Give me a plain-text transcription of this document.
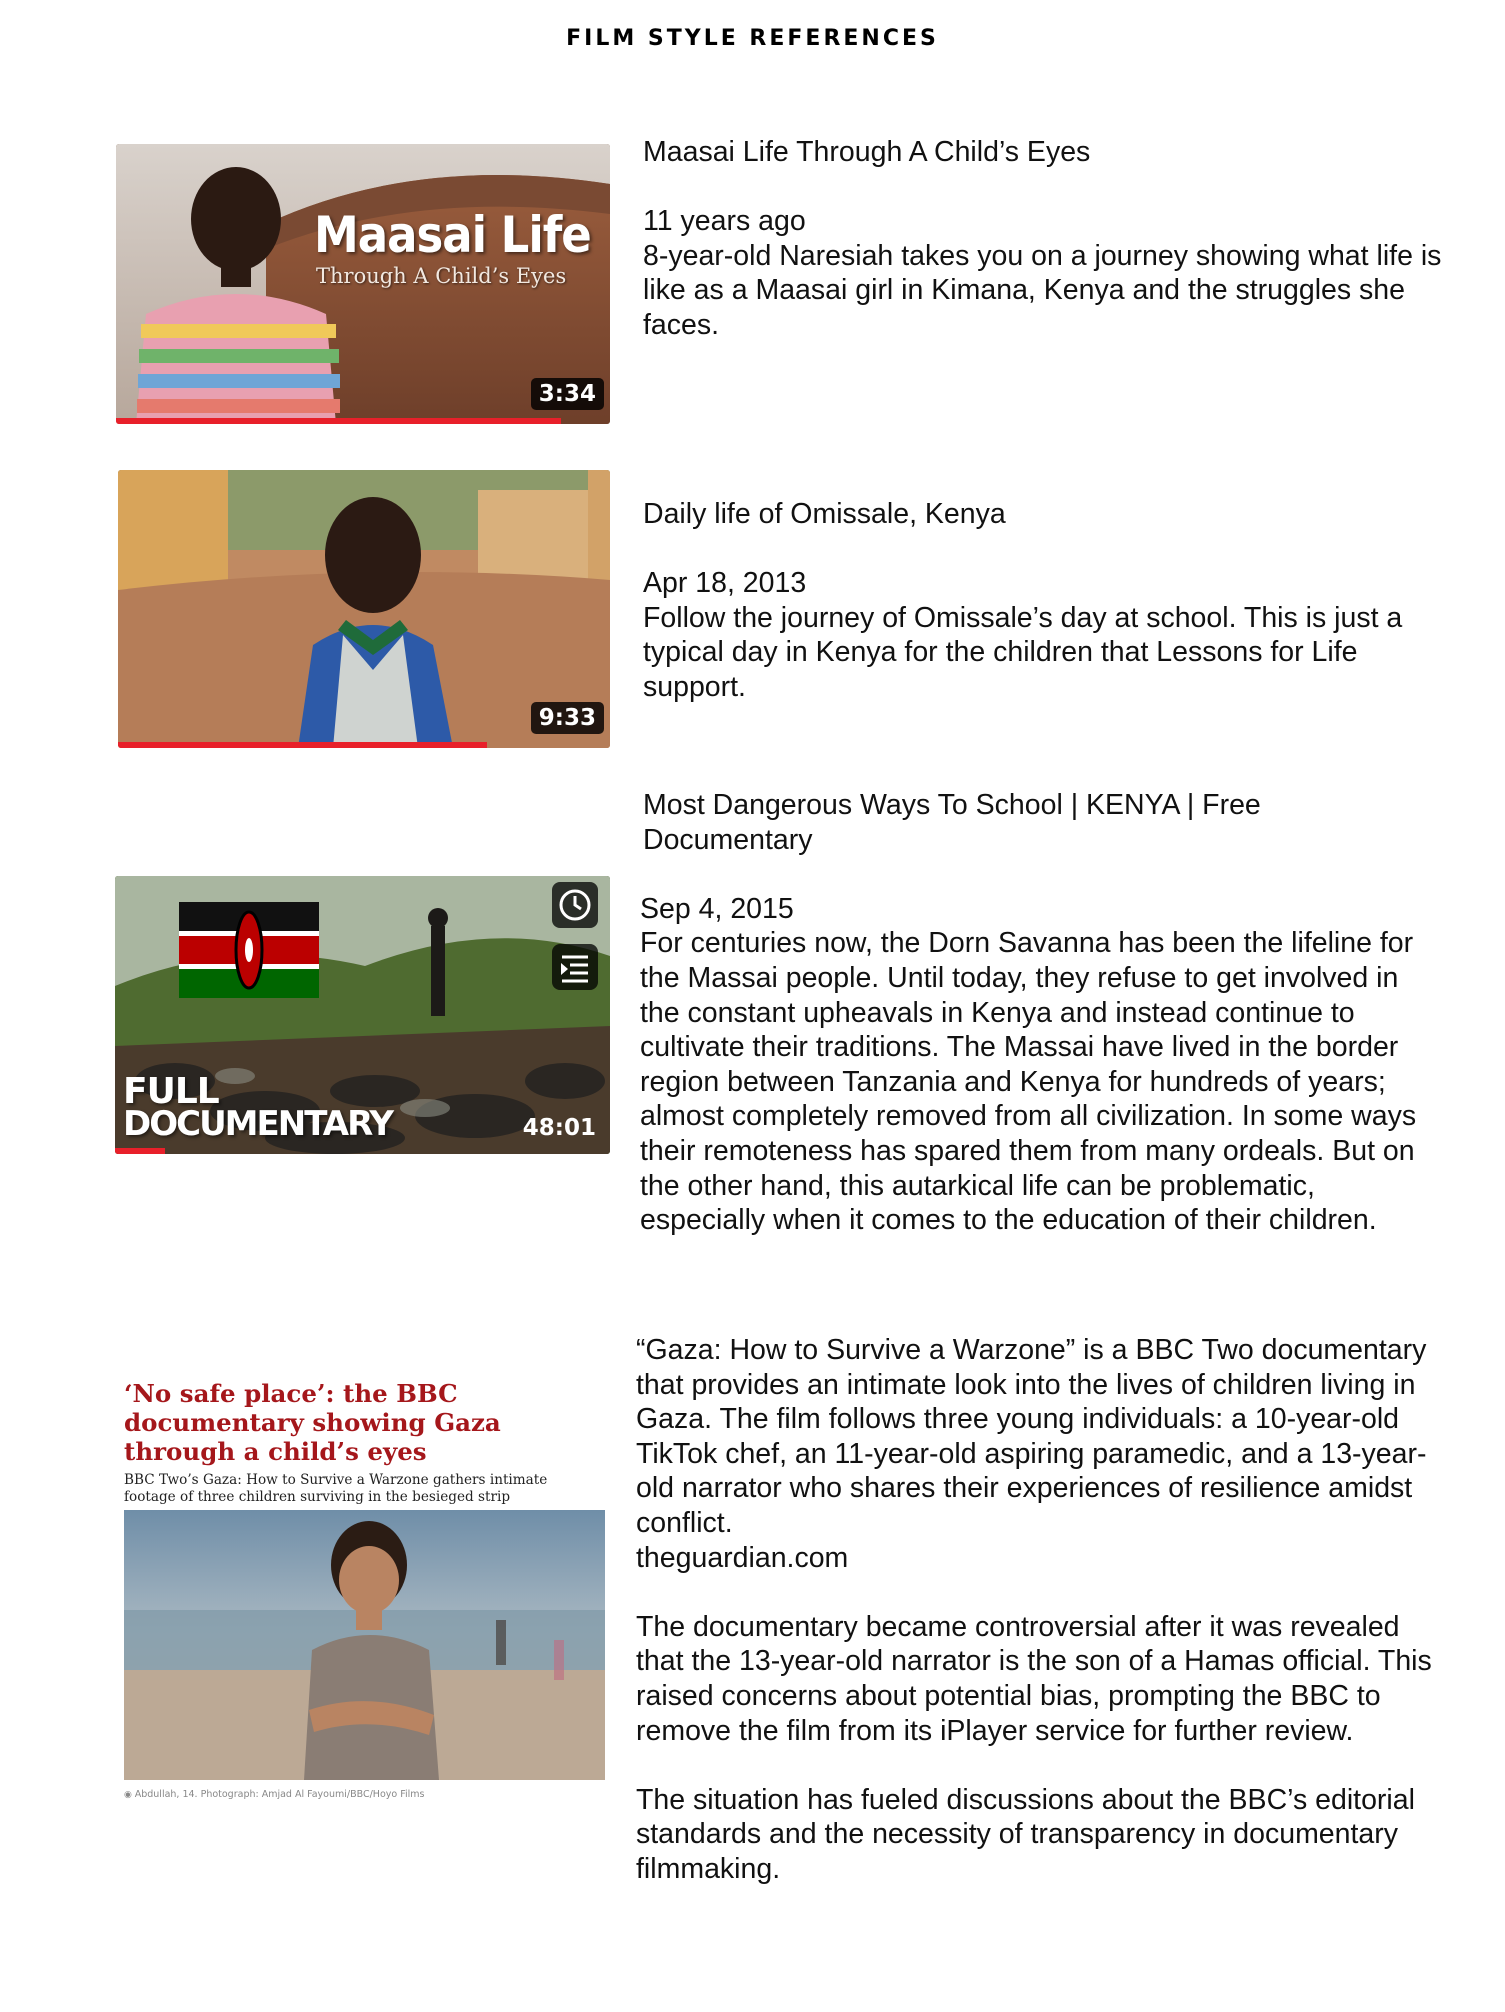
FILM STYLE REFERENCES
Maasai Life
Through A Child’s Eyes
3:34

Maasai Life Through A Child’s Eyes

11 years ago

8-year-old Naresiah takes you on a journey showing what life is like as a Maasai girl in Kimana, Kenya and the struggles she faces.

9:33

Daily life of Omissale, Kenya

Apr 18, 2013

Follow the journey of Omissale’s day at school. This is just a typical day in Kenya for the children that Lessons for Life support.

FULL
DOCUMENTARY	48:01

Most Dangerous Ways To School | KENYA | Free Documentary

Sep 4, 2015

For centuries now, the Dorn Savanna has been the lifeline for the Massai people. Until today, they refuse to get involved in the constant upheavals in Kenya and instead continue to cultivate their traditions. The Massai have lived in the border region between Tanzania and Kenya for hundreds of years; almost completely removed from all civilization. In some ways their remoteness has spared them from many ordeals. But on the other hand, this autarkical life can be problematic, especially when it comes to the education of their children.

‘No safe place’: the BBC documentary showing Gaza through a child’s eyes
BBC Two’s Gaza: How to Survive a Warzone gathers intimate footage of three children surviving in the besieged strip
◉ Abdullah, 14. Photograph: Amjad Al Fayoumi/BBC/Hoyo Films

“Gaza: How to Survive a Warzone” is a BBC Two documentary that provides an intimate look into the lives of children living in Gaza. The film follows three young individuals: a 10-year-old TikTok chef, an 11-year-old aspiring paramedic, and a 13-year-old narrator who shares their experiences of resilience amidst conflict.

theguardian.com

The documentary became controversial after it was revealed that the 13-year-old narrator is the son of a Hamas official. This raised concerns about potential bias, prompting the BBC to remove the film from its iPlayer service for further review.

The situation has fueled discussions about the BBC’s editorial standards and the necessity of transparency in documentary filmmaking.
